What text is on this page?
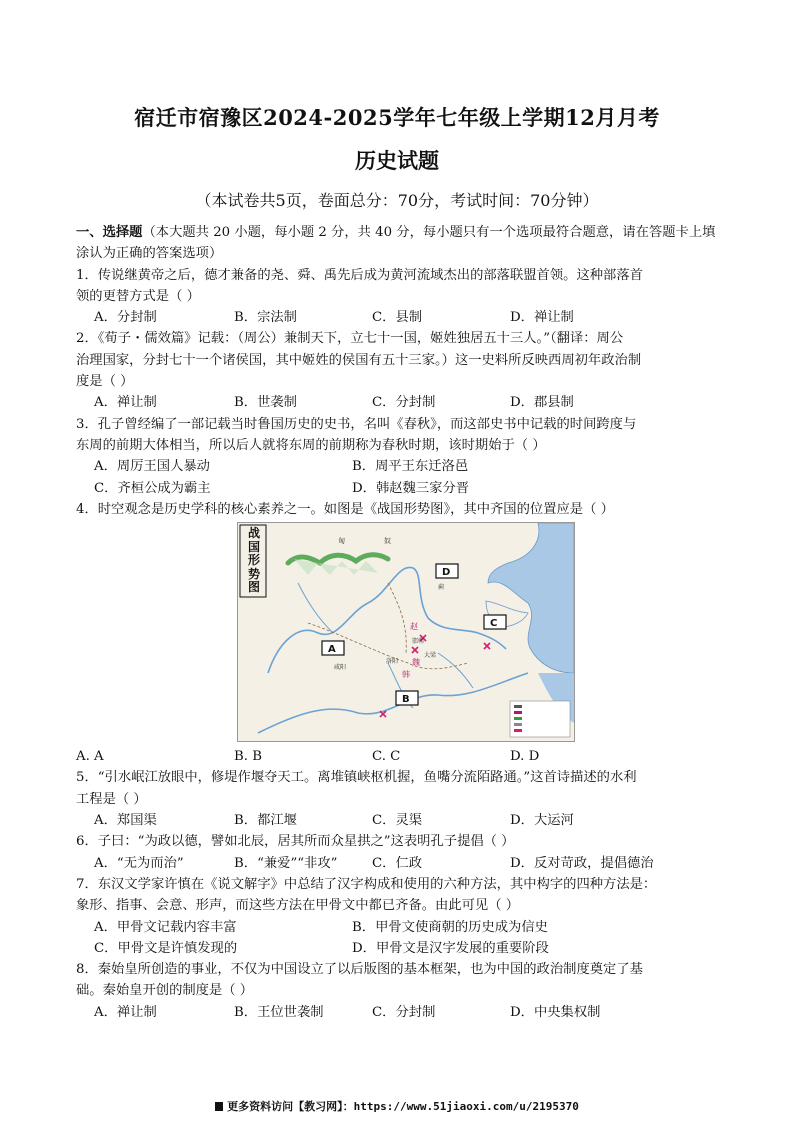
宿迁市宿豫区2024-2025学年七年级上学期12月月考
历史试题
（本试卷共5页，卷面总分：70分，考试时间：70分钟）

一、选择题（本大题共 20 小题，每小题 2 分，共 40 分，每小题只有一个选项最符合题意，请在答题卡上填涂认为正确的答案选项）

1．传说继黄帝之后，德才兼备的尧、舜、禹先后成为黄河流域杰出的部落联盟首领。这种部落首

领的更替方式是（ ）

A．分封制	B．宗法制	C．县制	D．禅让制

2．《荀子・儒效篇》记载：（周公）兼制天下，立七十一国，姬姓独居五十三人。”（翻译：周公

治理国家，分封七十一个诸侯国，其中姬姓的侯国有五十三家。）这一史料所反映西周初年政治制

度是（ ）

A．禅让制	B．世袭制	C．分封制	D．郡县制

3．孔子曾经编了一部记载当时鲁国历史的史书，名叫《春秋》，而这部史书中记载的时间跨度与

东周的前期大体相当，所以后人就将东周的前期称为春秋时期，该时期始于（ ）

A．周厉王国人暴动	B．周平王东迁洛邑
C．齐桓公成为霸主	D．韩赵魏三家分晋

4．时空观念是历史学科的核心素养之一。如图是《战国形势图》，其中齐国的位置应是（ ）

赵
魏
韩
蓟
邯郸
大梁
洛阳
咸阳
匈	奴
D
C
A
B
战
国
形
势
图
A. A	B. B	C. C	D. D

5．“引水岷江放眼中，修堤作堰夺天工。离堆镇峡枢机握，鱼嘴分流陌路通。”这首诗描述的水利

工程是（ ）

A．郑国渠	B．都江堰	C．灵渠	D．大运河

6．子曰：“为政以德，譬如北辰，居其所而众星拱之”这表明孔子提倡（ ）

A．“无为而治”	B．“兼爱”“非攻”	C．仁政	D．反对苛政，提倡德治

7．东汉文学家许慎在《说文解字》中总结了汉字构成和使用的六种方法，其中构字的四种方法是：

象形、指事、会意、形声，而这些方法在甲骨文中都已齐备。由此可见（ ）

A．甲骨文记载内容丰富	B．甲骨文使商朝的历史成为信史
C．甲骨文是许慎发现的	D．甲骨文是汉字发展的重要阶段

8．秦始皇所创造的事业，不仅为中国设立了以后版图的基本框架，也为中国的政治制度奠定了基

础。秦始皇开创的制度是（ ）

A．禅让制	B．王位世袭制	C．分封制	D．中央集权制
更多资料访问【教习网】：https://www.51jiaoxi.com/u/2195370
